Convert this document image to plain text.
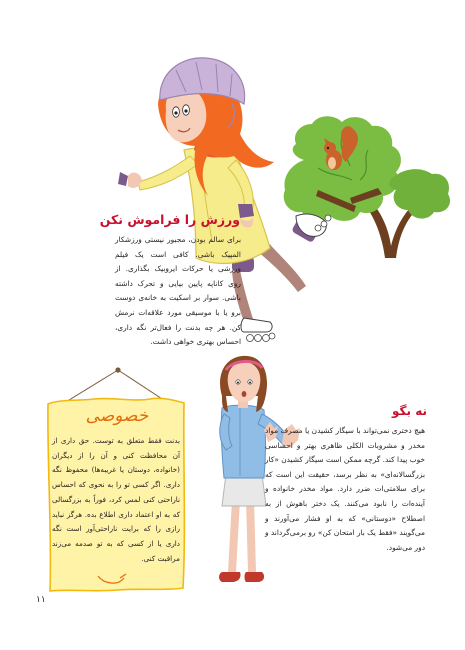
ورزش را فراموش نکن
برای سالم بودن، مجبور نیستی ورزشکار المپیک باشی. کافی است یک فیلم ورزشی یا حرکات ایروبیک بگذاری. از روی کاناپه پایین بیایی و تحرک داشته باشی. سوار بر اسکیت به خانه‌ی دوست برو یا با موسیقی مورد علاقه‌ات نرمش کن. هر چه بدنت را فعال‌تر نگه داری، احساس بهتری خواهی داشت.
نه بگو
هیچ دختری نمی‌تواند با سیگار کشیدن یا مصرف مواد مخدر و مشروبات الکلی ظاهری بهتر و احساسی خوب پیدا کند. گرچه ممکن است سیگار کشیدن «کار بزرگسالانه‌ای» به نظر برسد، حقیقت این است که برای سلامتی‌ات ضرر دارد. مواد مخدر خانواده و آینده‌ات را نابود می‌کنند. یک دختر باهوش از به اصطلاح «دوستانی» که به او فشار می‌آورند و می‌گویند «فقط یک بار امتحان کن» رو برمی‌گرداند و دور می‌شود.
خصوصی
بدنت فقط متعلق به توست. حق داری از آن محافظت کنی و آن را از دیگران (خانواده، دوستان یا غریبه‌ها) محفوظ نگه داری. اگر کسی تو را به نحوی که احساس ناراحتی کنی لمس کرد، فوراً به بزرگسالی که به او اعتماد داری اطلاع بده. هرگز نباید رازی را که برایت ناراحتی‌آور است نگه داری یا از کسی که به تو صدمه می‌زند مراقبت کنی.
۱۱
